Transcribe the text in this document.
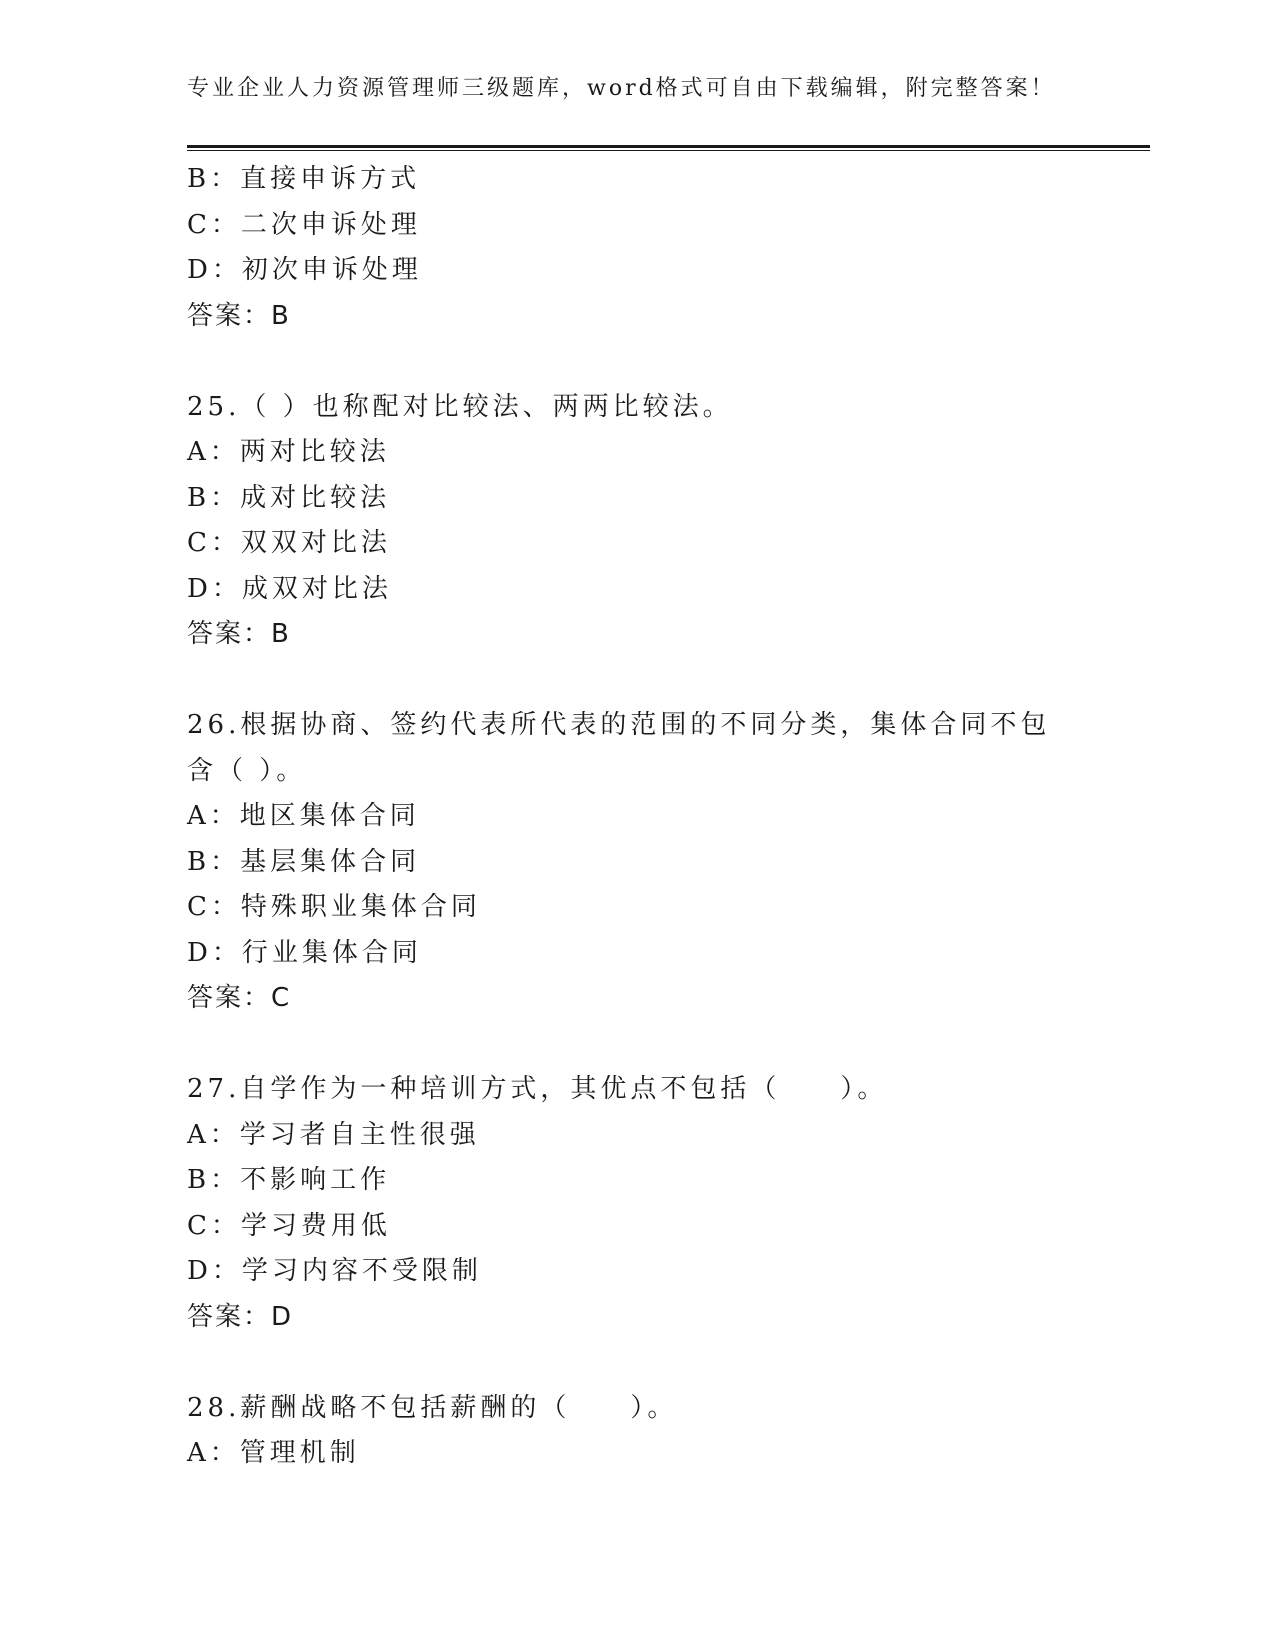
专业企业人力资源管理师三级题库，word格式可自由下载编辑，附完整答案！
B：直接申诉方式
C：二次申诉处理
D：初次申诉处理
答案：B
25.（ ）也称配对比较法、两两比较法。
A：两对比较法
B：成对比较法
C：双双对比法
D：成双对比法
答案：B
26.根据协商、签约代表所代表的范围的不同分类，集体合同不包含（ ）。
A：地区集体合同
B：基层集体合同
C：特殊职业集体合同
D：行业集体合同
答案：C
27.自学作为一种培训方式，其优点不包括（　　）。
A：学习者自主性很强
B：不影响工作
C：学习费用低
D：学习内容不受限制
答案：D
28.薪酬战略不包括薪酬的（　　）。
A：管理机制
